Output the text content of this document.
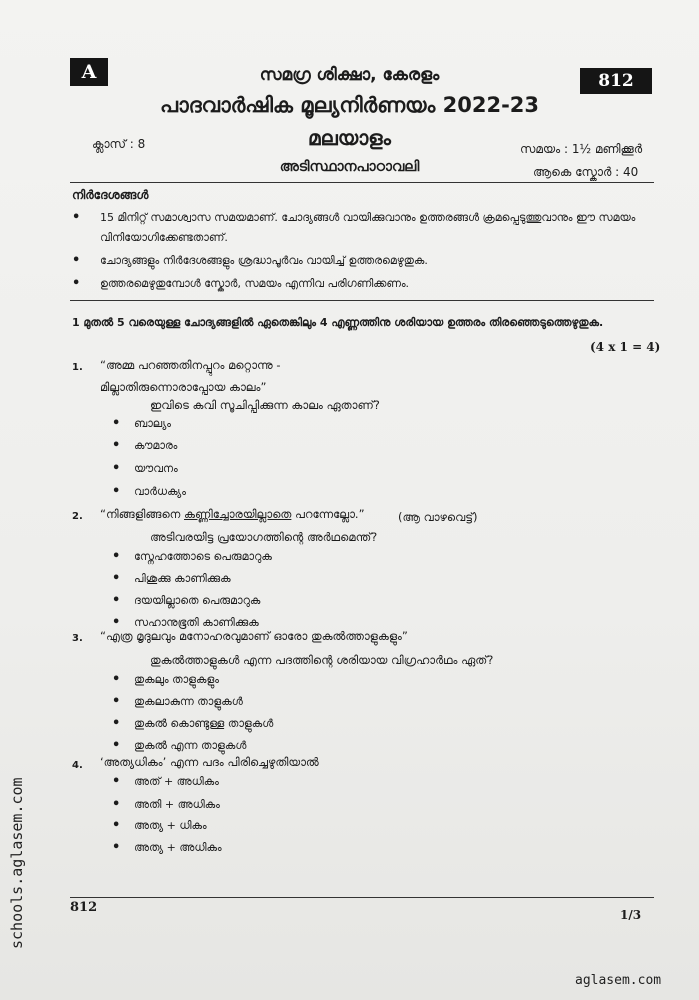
A	812
സമഗ്ര ശിക്ഷാ, കേരളം
പാദവാർഷിക മൂല്യനിർണയം 2022-23
മലയാളം
അടിസ്ഥാനപാഠാവലി
ക്ലാസ് : 8	സമയം : 1½ മണിക്കൂർ
ആകെ സ്കോർ : 40
നിർദേശങ്ങൾ
• 15 മിനിറ്റ് സമാശ്വാസ സമയമാണ്. ചോദ്യങ്ങൾ വായിക്കുവാനും ഉത്തരങ്ങൾ ക്രമപ്പെടുത്തുവാനും ഈ സമയം വിനിയോഗിക്കേണ്ടതാണ്.
• ചോദ്യങ്ങളും നിർദേശങ്ങളും ശ്രദ്ധാപൂർവം വായിച്ച് ഉത്തരമെഴുതുക.
• ഉത്തരമെഴുതുമ്പോൾ സ്കോർ, സമയം എന്നിവ പരിഗണിക്കണം.
1 മുതൽ 5 വരെയുള്ള ചോദ്യങ്ങളിൽ ഏതെങ്കിലും 4 എണ്ണത്തിനു ശരിയായ ഉത്തരം തിരഞ്ഞെടുത്തെഴുതുക.
(4 x 1 = 4)
1. “അമ്മ പറഞ്ഞതിനപ്പുറം മറ്റൊന്നു -
മില്ലാതിരുന്നൊരാപ്പോയ കാലം”
ഇവിടെ കവി സൂചിപ്പിക്കുന്ന കാലം ഏതാണ്?
• ബാല്യം
• കൗമാരം
• യൗവനം
• വാർധക്യം
2. “നിങ്ങളിങ്ങനെ കണ്ണിച്ചോരയില്ലാതെ പറന്നേല്ലോ.”	(ആ വാഴവെട്ട്)
അടിവരയിട്ട പ്രയോഗത്തിന്റെ അർഥമെന്ത്?
• സ്നേഹത്തോടെ പെരുമാറുക
• പിശുക്കു കാണിക്കുക
• ദയയില്ലാതെ പെരുമാറുക
• സഹാനുഭൂതി കാണിക്കുക
3. “എത്ര മൃദുലവും മനോഹരവുമാണ് ഓരോ തുകൽത്താളുകളും”
തുകൽത്താളുകൾ എന്ന പദത്തിന്റെ ശരിയായ വിഗ്രഹാർഥം ഏത്?
• തുകലും താളുകളും
• തുകലാകുന്ന താളുകൾ
• തുകൽ കൊണ്ടുള്ള താളുകൾ
• തുകൽ എന്ന താളുകൾ
4. ‘അത്യധികം’ എന്ന പദം പിരിച്ചെഴുതിയാൽ
• അത് + അധികം
• അതി + അധികം
• അത്യ + ധികം
• അത്യ + അധികം
812	1/3
schools.aglasem.com
aglasem.com
